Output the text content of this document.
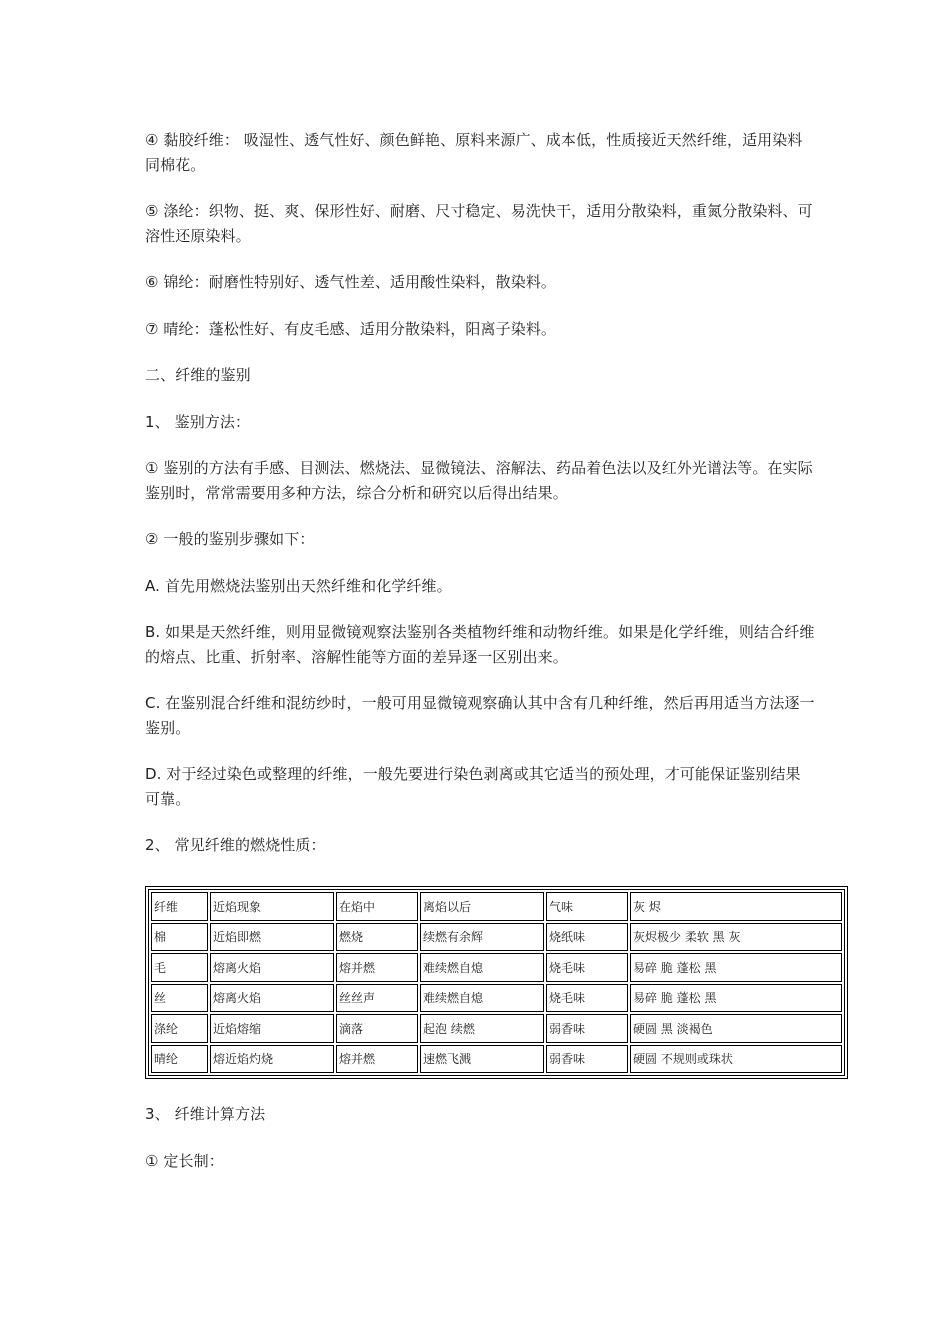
④ 黏胶纤维： 吸湿性、透气性好、颜色鲜艳、原料来源广、成本低，性质接近天然纤维，适用染料同棉花。

⑤ 涤纶：织物、挺、爽、保形性好、耐磨、尺寸稳定、易洗快干，适用分散染料，重氮分散染料、可溶性还原染料。

⑥ 锦纶：耐磨性特别好、透气性差、适用酸性染料，散染料。

⑦ 晴纶：蓬松性好、有皮毛感、适用分散染料，阳离子染料。

二、纤维的鉴别

1、 鉴别方法：

① 鉴别的方法有手感、目测法、燃烧法、显微镜法、溶解法、药品着色法以及红外光谱法等。在实际鉴别时，常常需要用多种方法，综合分析和研究以后得出结果。

② 一般的鉴别步骤如下：

A. 首先用燃烧法鉴别出天然纤维和化学纤维。

B. 如果是天然纤维，则用显微镜观察法鉴别各类植物纤维和动物纤维。如果是化学纤维，则结合纤维的熔点、比重、折射率、溶解性能等方面的差异逐一区别出来。

C. 在鉴别混合纤维和混纺纱时，一般可用显微镜观察确认其中含有几种纤维，然后再用适当方法逐一鉴别。

D. 对于经过染色或整理的纤维，一般先要进行染色剥离或其它适当的预处理，才可能保证鉴别结果可靠。

2、 常见纤维的燃烧性质：

纤维	近焰现象	在焰中	离焰以后	气味	灰 烬
棉	近焰即燃	燃烧	续燃有余辉	烧纸味	灰烬极少 柔软 黑 灰
毛	熔离火焰	熔并燃	难续燃自熄	烧毛味	易碎 脆 蓬松 黑
丝	熔离火焰	丝丝声	难续燃自熄	烧毛味	易碎 脆 蓬松 黑
涤纶	近焰熔缩	滴落	起泡 续燃	弱香味	硬圆 黑 淡褐色
晴纶	熔近焰灼烧	熔并燃	速燃飞溅	弱香味	硬圆 不规则或珠状

3、 纤维计算方法

① 定长制：
